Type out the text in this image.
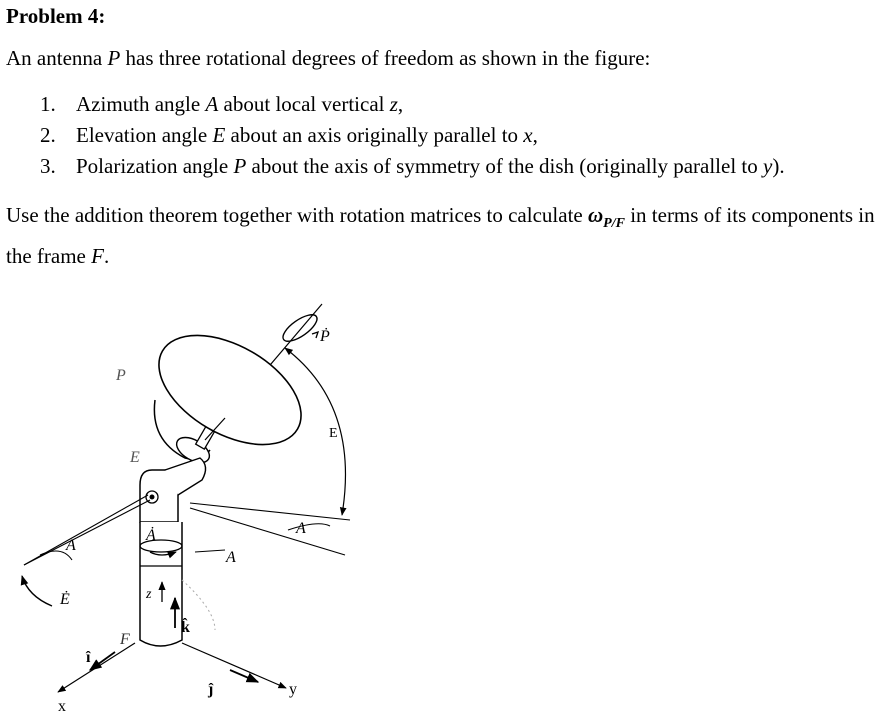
Problem 4:

An antenna P has three rotational degrees of freedom as shown in the figure:

1. Azimuth angle A about local vertical z,
2. Elevation angle E about an axis originally parallel to x,
3. Polarization angle P about the axis of symmetry of the dish (originally parallel to y).

Use the addition theorem together with rotation matrices to calculate $\omega_{P/F}$ in terms of its components in the frame F.

Ṗ
E
A
A
Ȧ
A
Ė
P
E
z
k̂
F
î
ĵ
x
y
